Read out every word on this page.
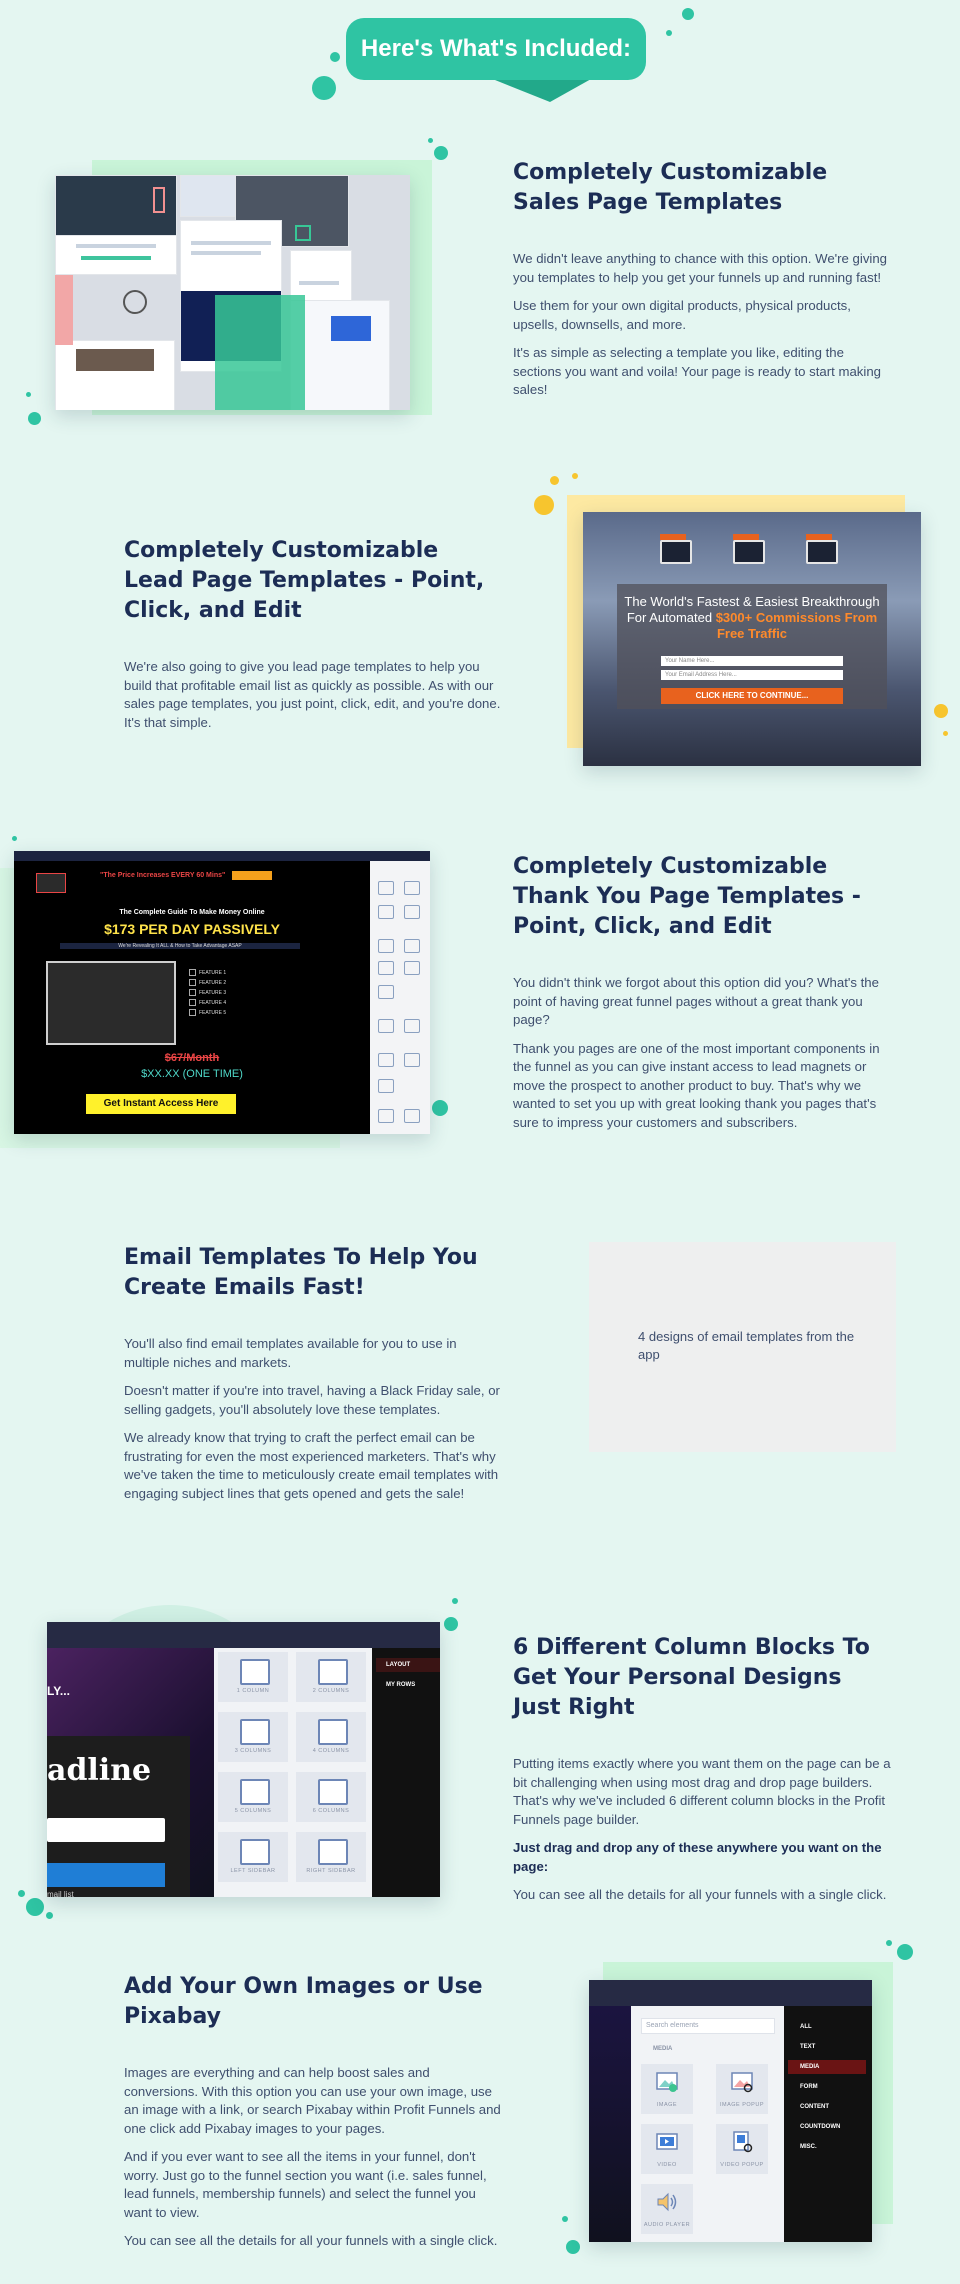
Here's What's Included:
Completely Customizable Sales Page Templates

We didn't leave anything to chance with this option. We're giving you templates to help you get your funnels up and running fast!

Use them for your own digital products, physical products, upsells, downsells, and more.

It's as simple as selecting a template you like, editing the sections you want and voila! Your page is ready to start making sales!

Completely Customizable Lead Page Templates - Point, Click, and Edit

We're also going to give you lead page templates to help you build that profitable email list as quickly as possible. As with our sales page templates, you just point, click, edit, and you're done. It's that simple.

The World's Fastest & Easiest Breakthrough
For Automated $300+ Commissions From Free Traffic
Your Name Here...
Your Email Address Here...
CLICK HERE TO CONTINUE...
"The Price Increases EVERY 60 Mins"
The Complete Guide To Make Money Online
$173 PER DAY PASSIVELY
We're Revealing It ALL & How to Take Advantage ASAP
FEATURE 1
FEATURE 2
FEATURE 3
FEATURE 4
FEATURE 5
$67/Month
$XX.XX (ONE TIME)
Get Instant Access Here
Completely Customizable Thank You Page Templates - Point, Click, and Edit

You didn't think we forgot about this option did you? What's the point of having great funnel pages without a great thank you page?

Thank you pages are one of the most important components in the funnel as you can give instant access to lead magnets or move the prospect to another product to buy. That's why we wanted to set you up with great looking thank you pages that's sure to impress your customers and subscribers.

Email Templates To Help You Create Emails Fast!

You'll also find email templates available for you to use in multiple niches and markets.

Doesn't matter if you're into travel, having a Black Friday sale, or selling gadgets, you'll absolutely love these templates.

We already know that trying to craft the perfect email can be frustrating for even the most experienced marketers. That's why we've taken the time to meticulously create email templates with engaging subject lines that gets opened and gets the sale!

4 designs of email templates from the app
LY...
adline
mail list
1 COLUMN	2 COLUMNS
3 COLUMNS	4 COLUMNS
5 COLUMNS	6 COLUMNS
LEFT SIDEBAR	RIGHT SIDEBAR
LAYOUT
MY ROWS
6 Different Column Blocks To Get Your Personal Designs Just Right

Putting items exactly where you want them on the page can be a bit challenging when using most drag and drop page builders. That's why we've included 6 different column blocks in the Profit Funnels page builder.

Just drag and drop any of these anywhere you want on the page:

You can see all the details for all your funnels with a single click.

Add Your Own Images or Use Pixabay

Images are everything and can help boost sales and conversions. With this option you can use your own image, use an image with a link, or search Pixabay within Profit Funnels and one click add Pixabay images to your pages.

And if you ever want to see all the items in your funnel, don't worry. Just go to the funnel section you want (i.e. sales funnel, lead funnels, membership funnels) and select the funnel you want to view.

You can see all the details for all your funnels with a single click.

Search elements
MEDIA
IMAGE	IMAGE POPUP
VIDEO	VIDEO POPUP
AUDIO PLAYER
ALL
TEXT
MEDIA
FORM
CONTENT
COUNTDOWN
MISC.
